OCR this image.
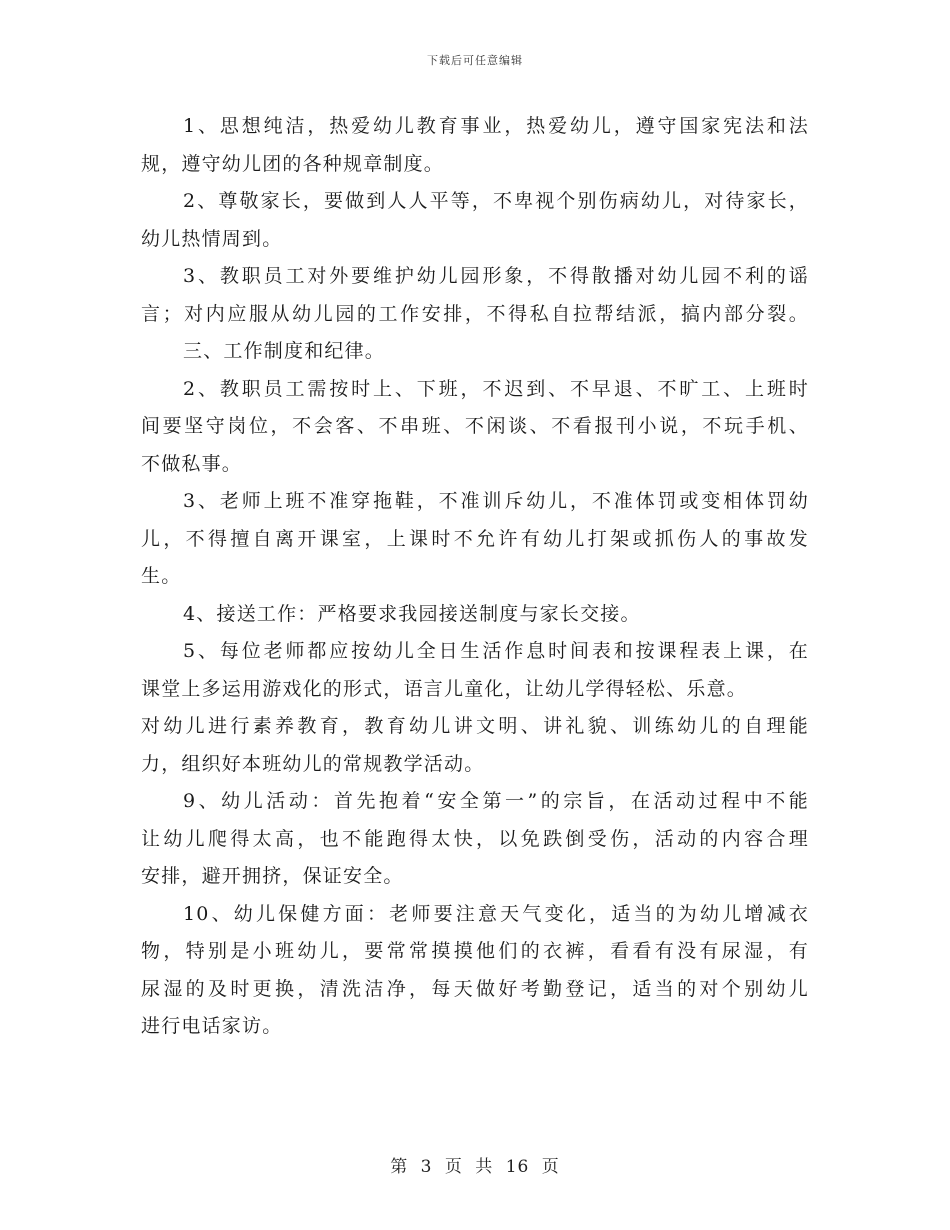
下载后可任意编辑
1、思想纯洁，热爱幼儿教育事业，热爱幼儿，遵守国家宪法和法
规，遵守幼儿团的各种规章制度。
2、尊敬家长，要做到人人平等，不卑视个别伤病幼儿，对待家长，
幼儿热情周到。
3、教职员工对外要维护幼儿园形象，不得散播对幼儿园不利的谣
言；对内应服从幼儿园的工作安排，不得私自拉帮结派，搞内部分裂。
三、工作制度和纪律。
2、教职员工需按时上、下班，不迟到、不早退、不旷工、上班时
间要坚守岗位，不会客、不串班、不闲谈、不看报刊小说，不玩手机、
不做私事。
3、老师上班不准穿拖鞋，不准训斥幼儿，不准体罚或变相体罚幼
儿，不得擅自离开课室，上课时不允许有幼儿打架或抓伤人的事故发
生。
4、接送工作：严格要求我园接送制度与家长交接。
5、每位老师都应按幼儿全日生活作息时间表和按课程表上课，在
课堂上多运用游戏化的形式，语言儿童化，让幼儿学得轻松、乐意。
对幼儿进行素养教育，教育幼儿讲文明、讲礼貌、训练幼儿的自理能
力，组织好本班幼儿的常规教学活动。
9、幼儿活动：首先抱着“安全第一”的宗旨，在活动过程中不能
让幼儿爬得太高，也不能跑得太快，以免跌倒受伤，活动的内容合理
安排，避开拥挤，保证安全。
10、幼儿保健方面：老师要注意天气变化，适当的为幼儿增减衣
物，特别是小班幼儿，要常常摸摸他们的衣裤，看看有没有尿湿，有
尿湿的及时更换，清洗洁净，每天做好考勤登记，适当的对个别幼儿
进行电话家访。
第 3 页 共 16 页
